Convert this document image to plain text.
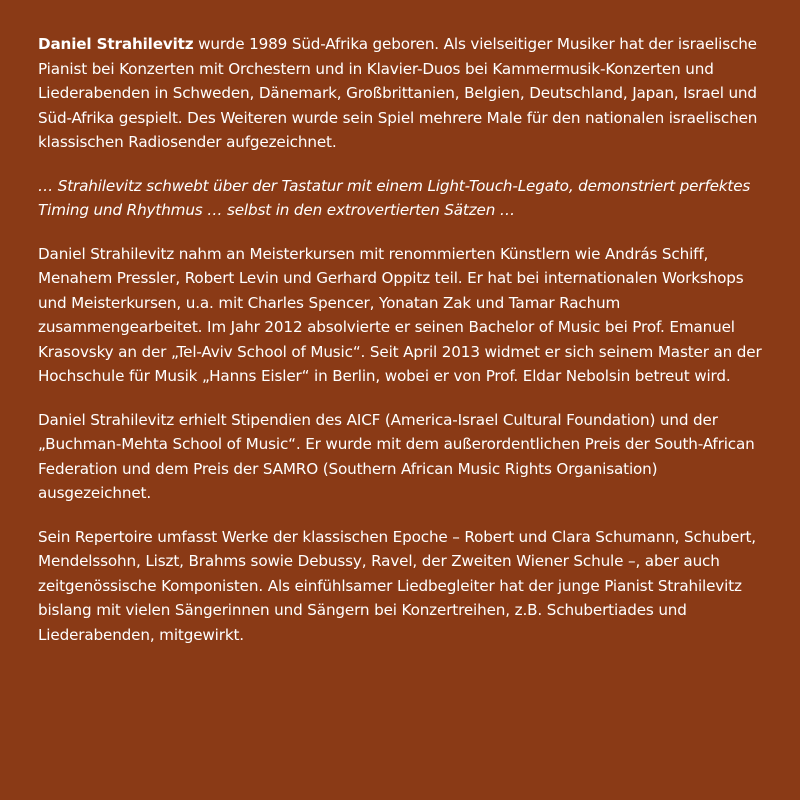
Daniel Strahilevitz wurde 1989 Süd-Afrika geboren. Als vielseitiger Musiker hat der israelische Pianist bei Konzerten mit Orchestern und in Klavier-Duos bei Kammermusik-Konzerten und Liederabenden in Schweden, Dänemark, Großbrittanien, Belgien, Deutschland, Japan, Israel und Süd-Afrika gespielt. Des Weiteren wurde sein Spiel mehrere Male für den nationalen israelischen klassischen Radiosender aufgezeichnet.

… Strahilevitz schwebt über der Tastatur mit einem Light-Touch-Legato, demonstriert perfektes Timing und Rhythmus … selbst in den extrovertierten Sätzen …

Daniel Strahilevitz nahm an Meisterkursen mit renommierten Künstlern wie András Schiff, Menahem Pressler, Robert Levin und Gerhard Oppitz teil. Er hat bei internationalen Workshops und Meisterkursen, u.a. mit Charles Spencer, Yonatan Zak und Tamar Rachum zusammengearbeitet. Im Jahr 2012 absolvierte er seinen Bachelor of Music bei Prof. Emanuel Krasovsky an der „Tel-Aviv School of Music“. Seit April 2013 widmet er sich seinem Master an der Hochschule für Musik „Hanns Eisler“ in Berlin, wobei er von Prof. Eldar Nebolsin betreut wird.

Daniel Strahilevitz erhielt Stipendien des AICF (America-Israel Cultural Foundation) und der „Buchman-Mehta School of Music“. Er wurde mit dem außerordentlichen Preis der South-African Federation und dem Preis der SAMRO (Southern African Music Rights Organisation) ausgezeichnet.

Sein Repertoire umfasst Werke der klassischen Epoche – Robert und Clara Schumann, Schubert, Mendelssohn, Liszt, Brahms sowie Debussy, Ravel, der Zweiten Wiener Schule –, aber auch zeitgenössische Komponisten. Als einfühlsamer Liedbegleiter hat der junge Pianist Strahilevitz bislang mit vielen Sängerinnen und Sängern bei Konzertreihen, z.B. Schubertiades und Liederabenden, mitgewirkt.
